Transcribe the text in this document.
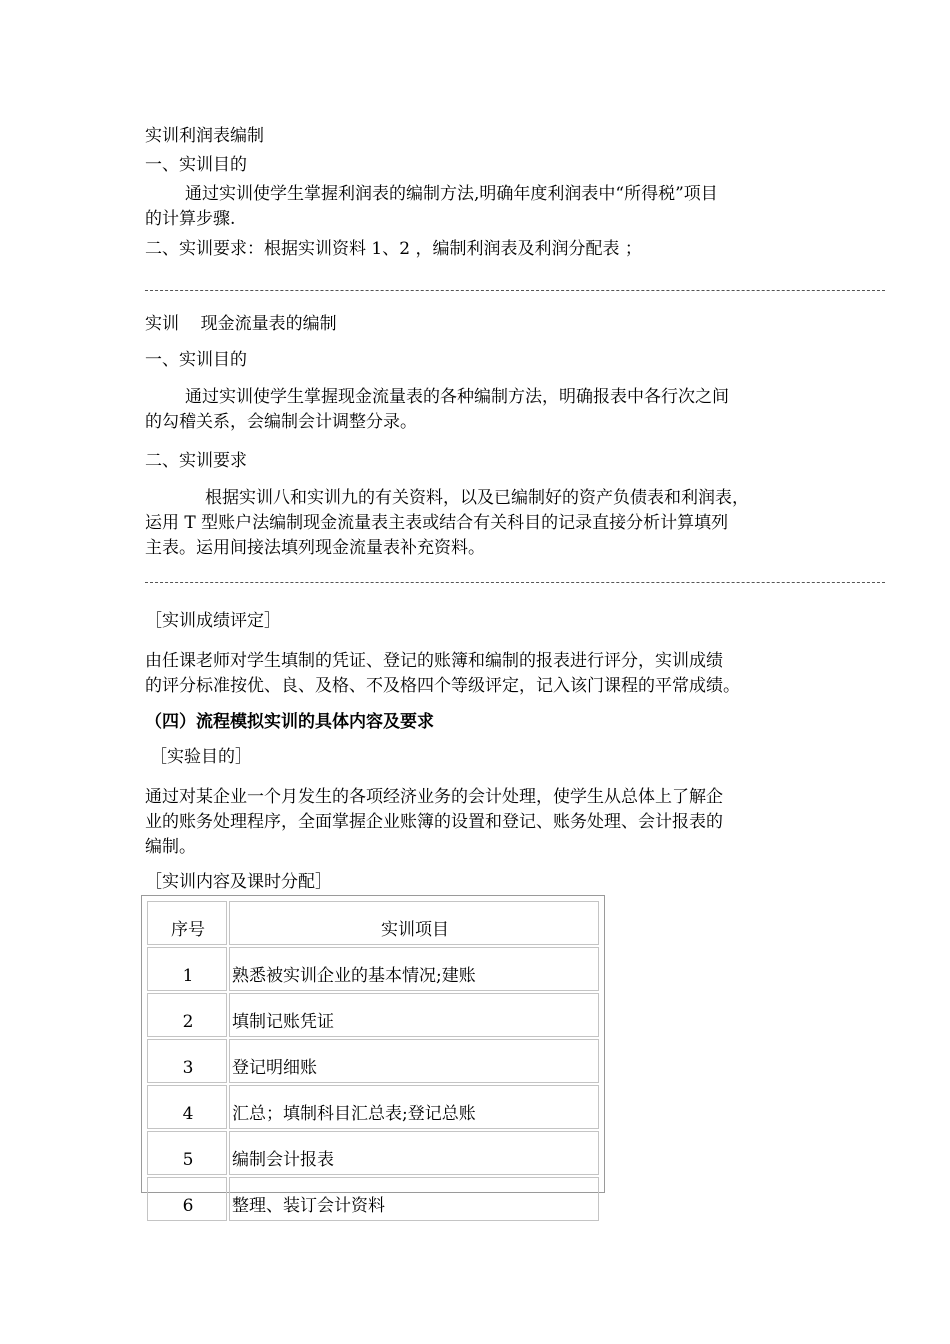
实训利润表编制
一、实训目的
通过实训使学生掌握利润表的编制方法,明确年度利润表中“所得税”项目
的计算步骤.
二、实训要求：根据实训资料 1、2 ，编制利润表及利润分配表 ；
实训    现金流量表的编制
一、实训目的
通过实训使学生掌握现金流量表的各种编制方法，明确报表中各行次之间
的勾稽关系，会编制会计调整分录。
二、实训要求
根据实训八和实训九的有关资料，以及已编制好的资产负债表和利润表，
运用 T 型账户法编制现金流量表主表或结合有关科目的记录直接分析计算填列
主表。运用间接法填列现金流量表补充资料。
［实训成绩评定］
由任课老师对学生填制的凭证、登记的账簿和编制的报表进行评分，实训成绩
的评分标准按优、良、及格、不及格四个等级评定，记入该门课程的平常成绩。
（四）流程模拟实训的具体内容及要求
［实验目的］
通过对某企业一个月发生的各项经济业务的会计处理，使学生从总体上了解企
业的账务处理程序，全面掌握企业账簿的设置和登记、账务处理、会计报表的
编制。
［实训内容及课时分配］
序号	实训项目
1	熟悉被实训企业的基本情况;建账
2	填制记账凭证
3	登记明细账
4	汇总；填制科目汇总表;登记总账
5	编制会计报表
6	整理、装订会计资料
